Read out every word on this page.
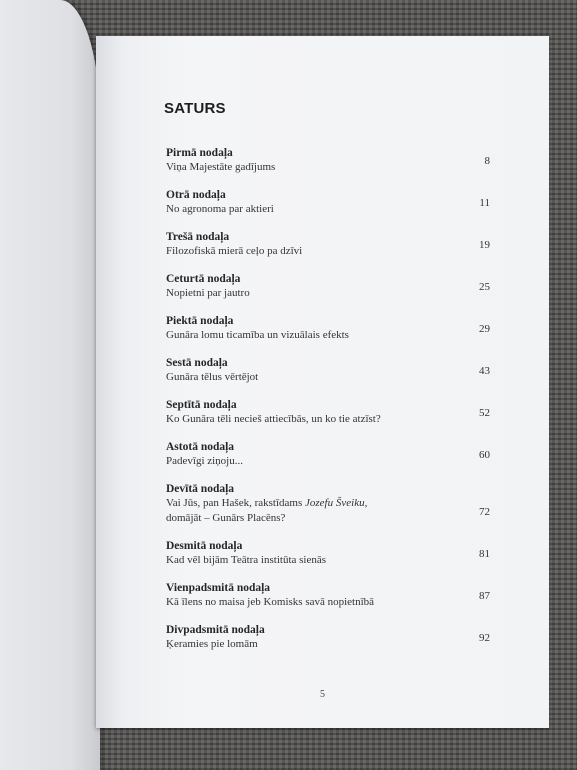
SATURS
Pirmā nodaļa
Viņa Majestāte gadījums	8
Otrā nodaļa
No agronoma par aktieri	11
Trešā nodaļa
Filozofiskā mierā ceļo pa dzīvi	19
Ceturtā nodaļa
Nopietni par jautro	25
Piektā nodaļa
Gunāra lomu ticamība un vizuālais efekts	29
Sestā nodaļa
Gunāra tēlus vērtējot	43
Septītā nodaļa
Ko Gunāra tēli necieš attiecībās, un ko tie atzīst?	52
Astotā nodaļa
Padevīgi ziņoju...	60
Devītā nodaļa
Vai Jūs, pan Hašek, rakstīdams Jozefu Šveiku,
domājāt – Gunārs Placēns?	72
Desmitā nodaļa
Kad vēl bijām Teātra institūta sienās	81
Vienpadsmitā nodaļa
Kā īlens no maisa jeb Komisks savā nopietnībā	87
Divpadsmitā nodaļa
Ķeramies pie lomām	92
5
